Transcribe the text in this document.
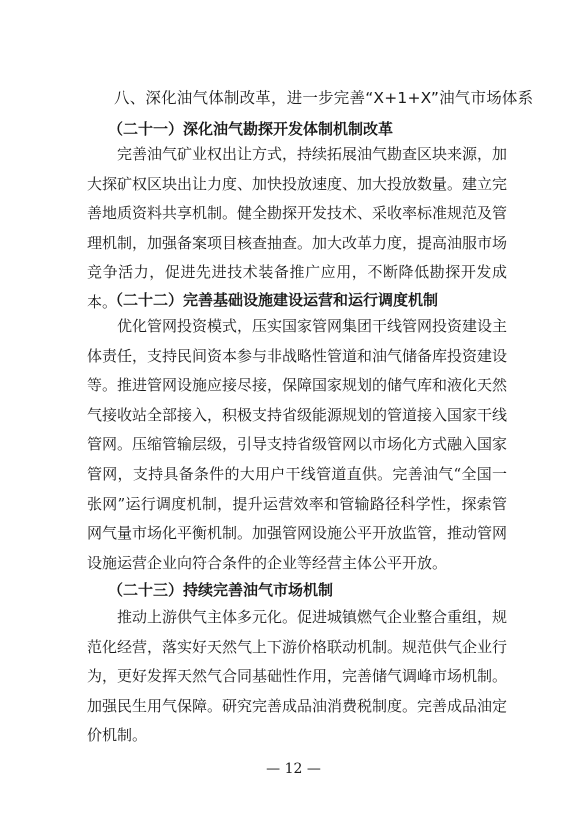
八、深化油气体制改革，进一步完善“X+1+X”油气市场体系
（二十一）深化油气勘探开发体制机制改革

完善油气矿业权出让方式，持续拓展油气勘查区块来源，加大探矿权区块出让力度、加快投放速度、加大投放数量。建立完善地质资料共享机制。健全勘探开发技术、采收率标准规范及管理机制，加强备案项目核查抽查。加大改革力度，提高油服市场竞争活力，促进先进技术装备推广应用，不断降低勘探开发成本。

（二十二）完善基础设施建设运营和运行调度机制

优化管网投资模式，压实国家管网集团干线管网投资建设主体责任，支持民间资本参与非战略性管道和油气储备库投资建设等。推进管网设施应接尽接，保障国家规划的储气库和液化天然气接收站全部接入，积极支持省级能源规划的管道接入国家干线管网。压缩管输层级，引导支持省级管网以市场化方式融入国家管网，支持具备条件的大用户干线管道直供。完善油气“全国一张网”运行调度机制，提升运营效率和管输路径科学性，探索管网气量市场化平衡机制。加强管网设施公平开放监管，推动管网设施运营企业向符合条件的企业等经营主体公平开放。

（二十三）持续完善油气市场机制

推动上游供气主体多元化。促进城镇燃气企业整合重组，规范化经营，落实好天然气上下游价格联动机制。规范供气企业行为，更好发挥天然气合同基础性作用，完善储气调峰市场机制。加强民生用气保障。研究完善成品油消费税制度。完善成品油定价机制。

— 12 —
